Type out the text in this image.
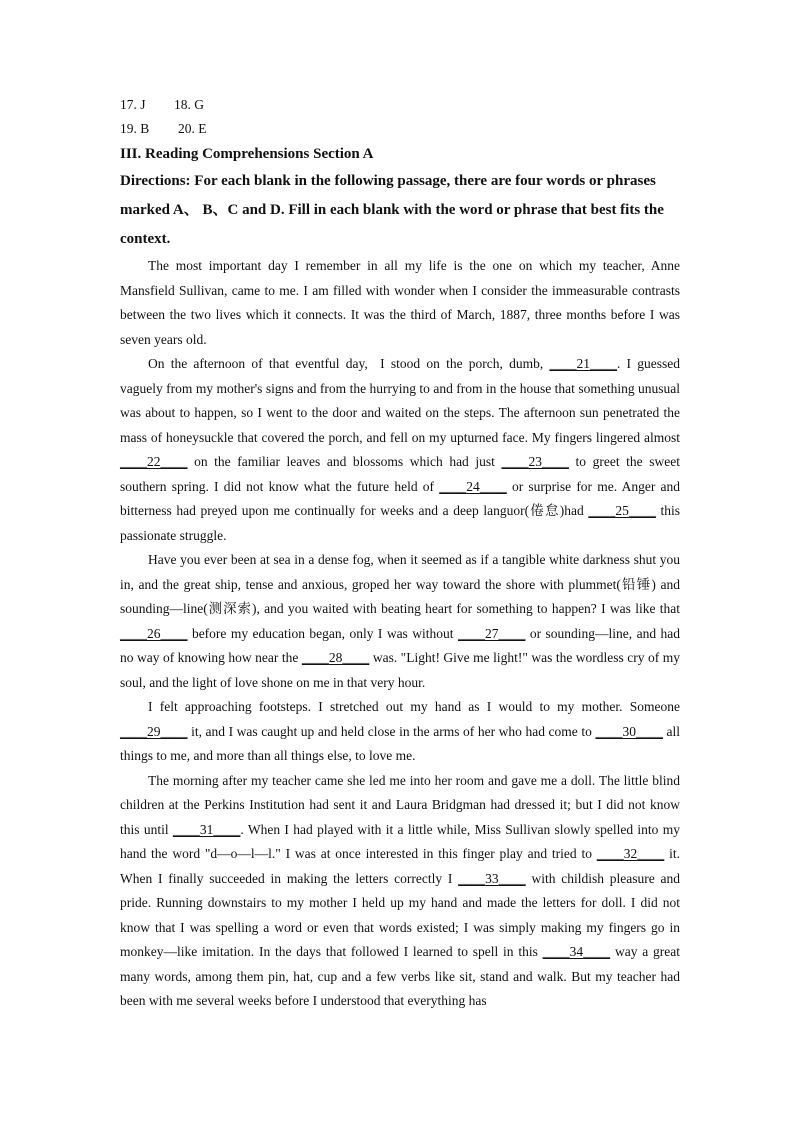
17. J 18. G
19. B 20. E
III. Reading Comprehensions Section A
Directions: For each blank in the following passage, there are four words or phrases marked A、 B、C and D. Fill in each blank with the word or phrase that best fits the context.

The most important day I remember in all my life is the one on which my teacher, Anne Mansfield Sullivan, came to me. I am filled with wonder when I consider the immeasurable contrasts between the two lives which it connects. It was the third of March, 1887, three months before I was seven years old.

On the afternoon of that eventful day,  I stood on the porch, dumb, ____21____. I guessed vaguely from my mother's signs and from the hurrying to and from in the house that something unusual was about to happen, so I went to the door and waited on the steps. The afternoon sun penetrated the mass of honeysuckle that covered the porch, and fell on my upturned face. My fingers lingered almost ____22____ on the familiar leaves and blossoms which had just ____23____ to greet the sweet southern spring. I did not know what the future held of ____24____ or surprise for me. Anger and bitterness had preyed upon me continually for weeks and a deep languor(倦怠)had ____25____ this passionate struggle.

Have you ever been at sea in a dense fog, when it seemed as if a tangible white darkness shut you in, and the great ship, tense and anxious, groped her way toward the shore with plummet(铅锤) and sounding—line(测深索), and you waited with beating heart for something to happen? I was like that ____26____ before my education began, only I was without ____27____ or sounding—line, and had no way of knowing how near the ____28____ was. "Light! Give me light!" was the wordless cry of my soul, and the light of love shone on me in that very hour.

I felt approaching footsteps. I stretched out my hand as I would to my mother. Someone ____29____ it, and I was caught up and held close in the arms of her who had come to ____30____ all things to me, and more than all things else, to love me.

The morning after my teacher came she led me into her room and gave me a doll. The little blind children at the Perkins Institution had sent it and Laura Bridgman had dressed it; but I did not know this until ____31____. When I had played with it a little while, Miss Sullivan slowly spelled into my hand the word "d—o—l—l." I was at once interested in this finger play and tried to ____32____ it. When I finally succeeded in making the letters correctly I ____33____ with childish pleasure and pride. Running downstairs to my mother I held up my hand and made the letters for doll. I did not know that I was spelling a word or even that words existed; I was simply making my fingers go in monkey—like imitation. In the days that followed I learned to spell in this ____34____ way a great many words, among them pin, hat, cup and a few verbs like sit, stand and walk. But my teacher had been with me several weeks before I understood that everything has
